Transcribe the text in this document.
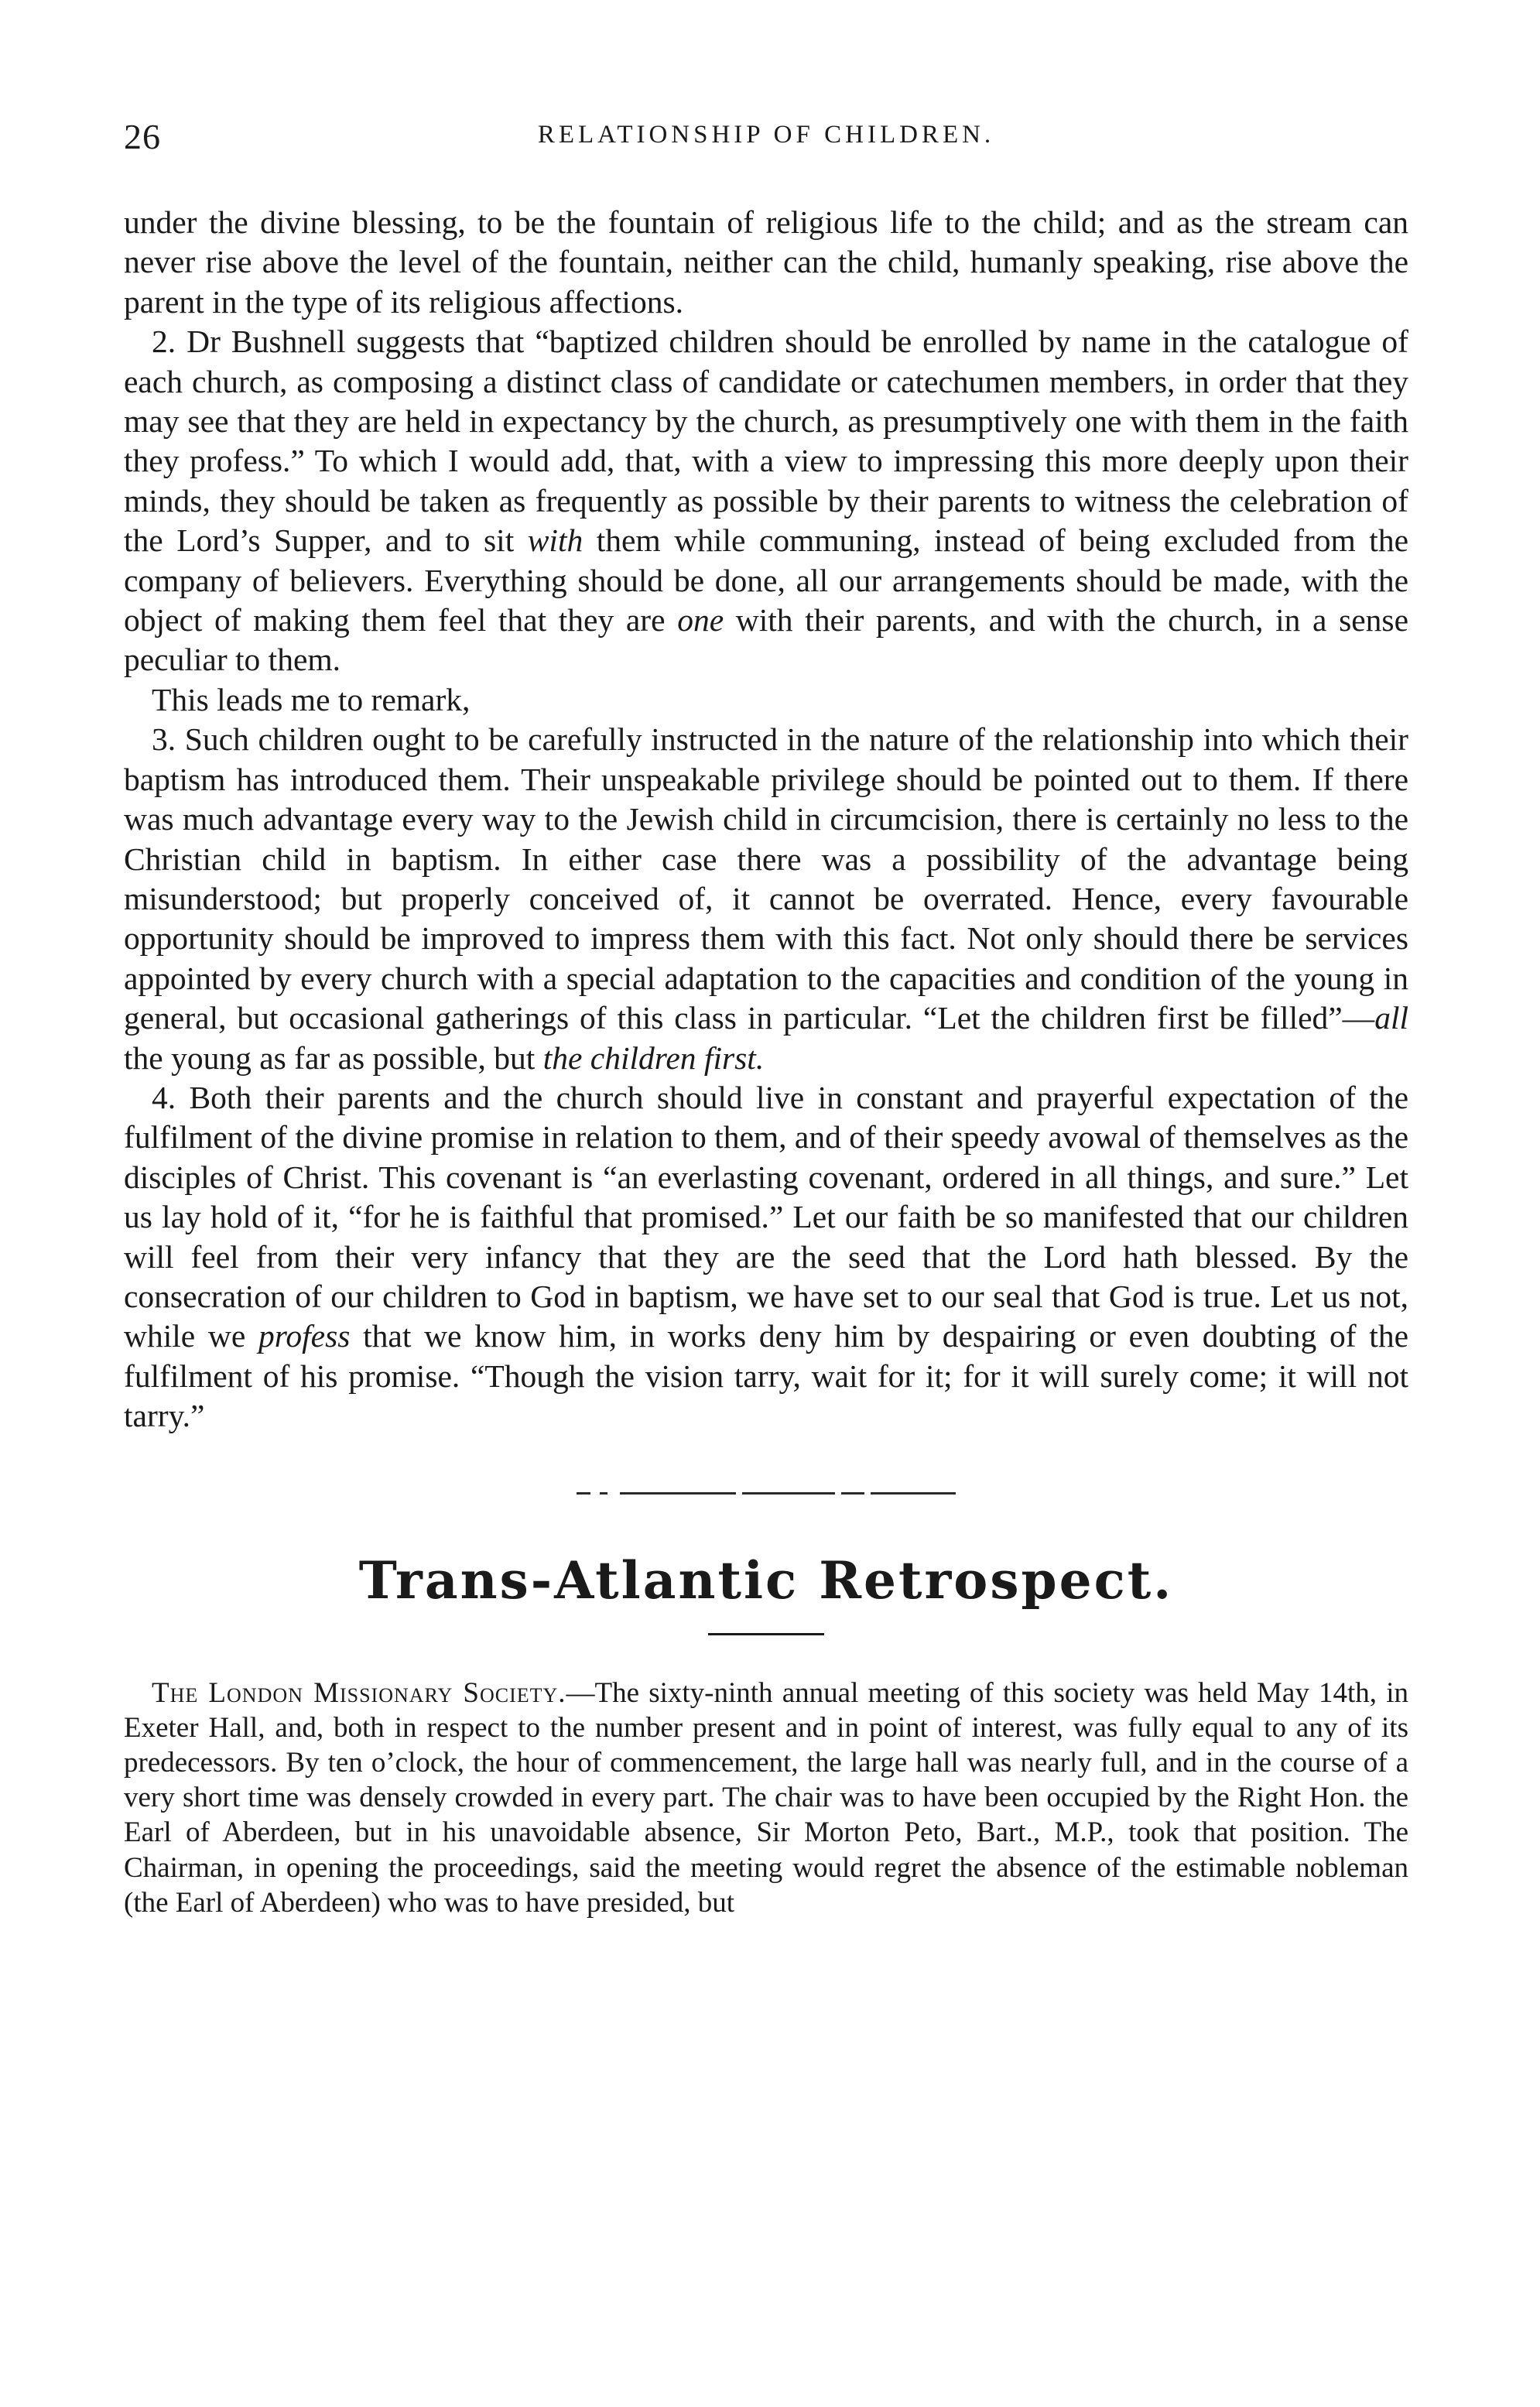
26	RELATIONSHIP OF CHILDREN.

under the divine blessing, to be the fountain of religious life to the child; and as the stream can never rise above the level of the fountain, neither can the child, humanly speaking, rise above the parent in the type of its religious affections.

2. Dr Bushnell suggests that “baptized children should be enrolled by name in the catalogue of each church, as composing a distinct class of candidate or catechumen members, in order that they may see that they are held in expectancy by the church, as presumptively one with them in the faith they profess.” To which I would add, that, with a view to impressing this more deeply upon their minds, they should be taken as frequently as possible by their parents to witness the celebration of the Lord’s Supper, and to sit with them while communing, instead of being excluded from the company of believers. Everything should be done, all our arrangements should be made, with the object of making them feel that they are one with their parents, and with the church, in a sense peculiar to them.

This leads me to remark,

3. Such children ought to be carefully instructed in the nature of the relationship into which their baptism has introduced them. Their unspeakable privilege should be pointed out to them. If there was much advantage every way to the Jewish child in circumcision, there is certainly no less to the Christian child in baptism. In either case there was a possibility of the advantage being misunderstood; but properly conceived of, it cannot be overrated. Hence, every favourable opportunity should be improved to impress them with this fact. Not only should there be services appointed by every church with a special adaptation to the capacities and condition of the young in general, but occasional gatherings of this class in particular. “Let the children first be filled”—all the young as far as possible, but the children first.

4. Both their parents and the church should live in constant and prayerful expectation of the fulfilment of the divine promise in relation to them, and of their speedy avowal of themselves as the disciples of Christ. This covenant is “an everlasting covenant, ordered in all things, and sure.” Let us lay hold of it, “for he is faithful that promised.” Let our faith be so manifested that our children will feel from their very infancy that they are the seed that the Lord hath blessed. By the consecration of our children to God in baptism, we have set to our seal that God is true. Let us not, while we profess that we know him, in works deny him by despairing or even doubting of the fulfilment of his promise. “Though the vision tarry, wait for it; for it will surely come; it will not tarry.”

Trans-Atlantic Retrospect.

The London Missionary Society.—The sixty-ninth annual meeting of this society was held May 14th, in Exeter Hall, and, both in respect to the number present and in point of interest, was fully equal to any of its predecessors. By ten o’clock, the hour of commencement, the large hall was nearly full, and in the course of a very short time was densely crowded in every part. The chair was to have been occupied by the Right Hon. the Earl of Aberdeen, but in his unavoidable absence, Sir Morton Peto, Bart., M.P., took that position. The Chairman, in opening the proceedings, said the meeting would regret the absence of the estimable nobleman (the Earl of Aberdeen) who was to have presided, but
